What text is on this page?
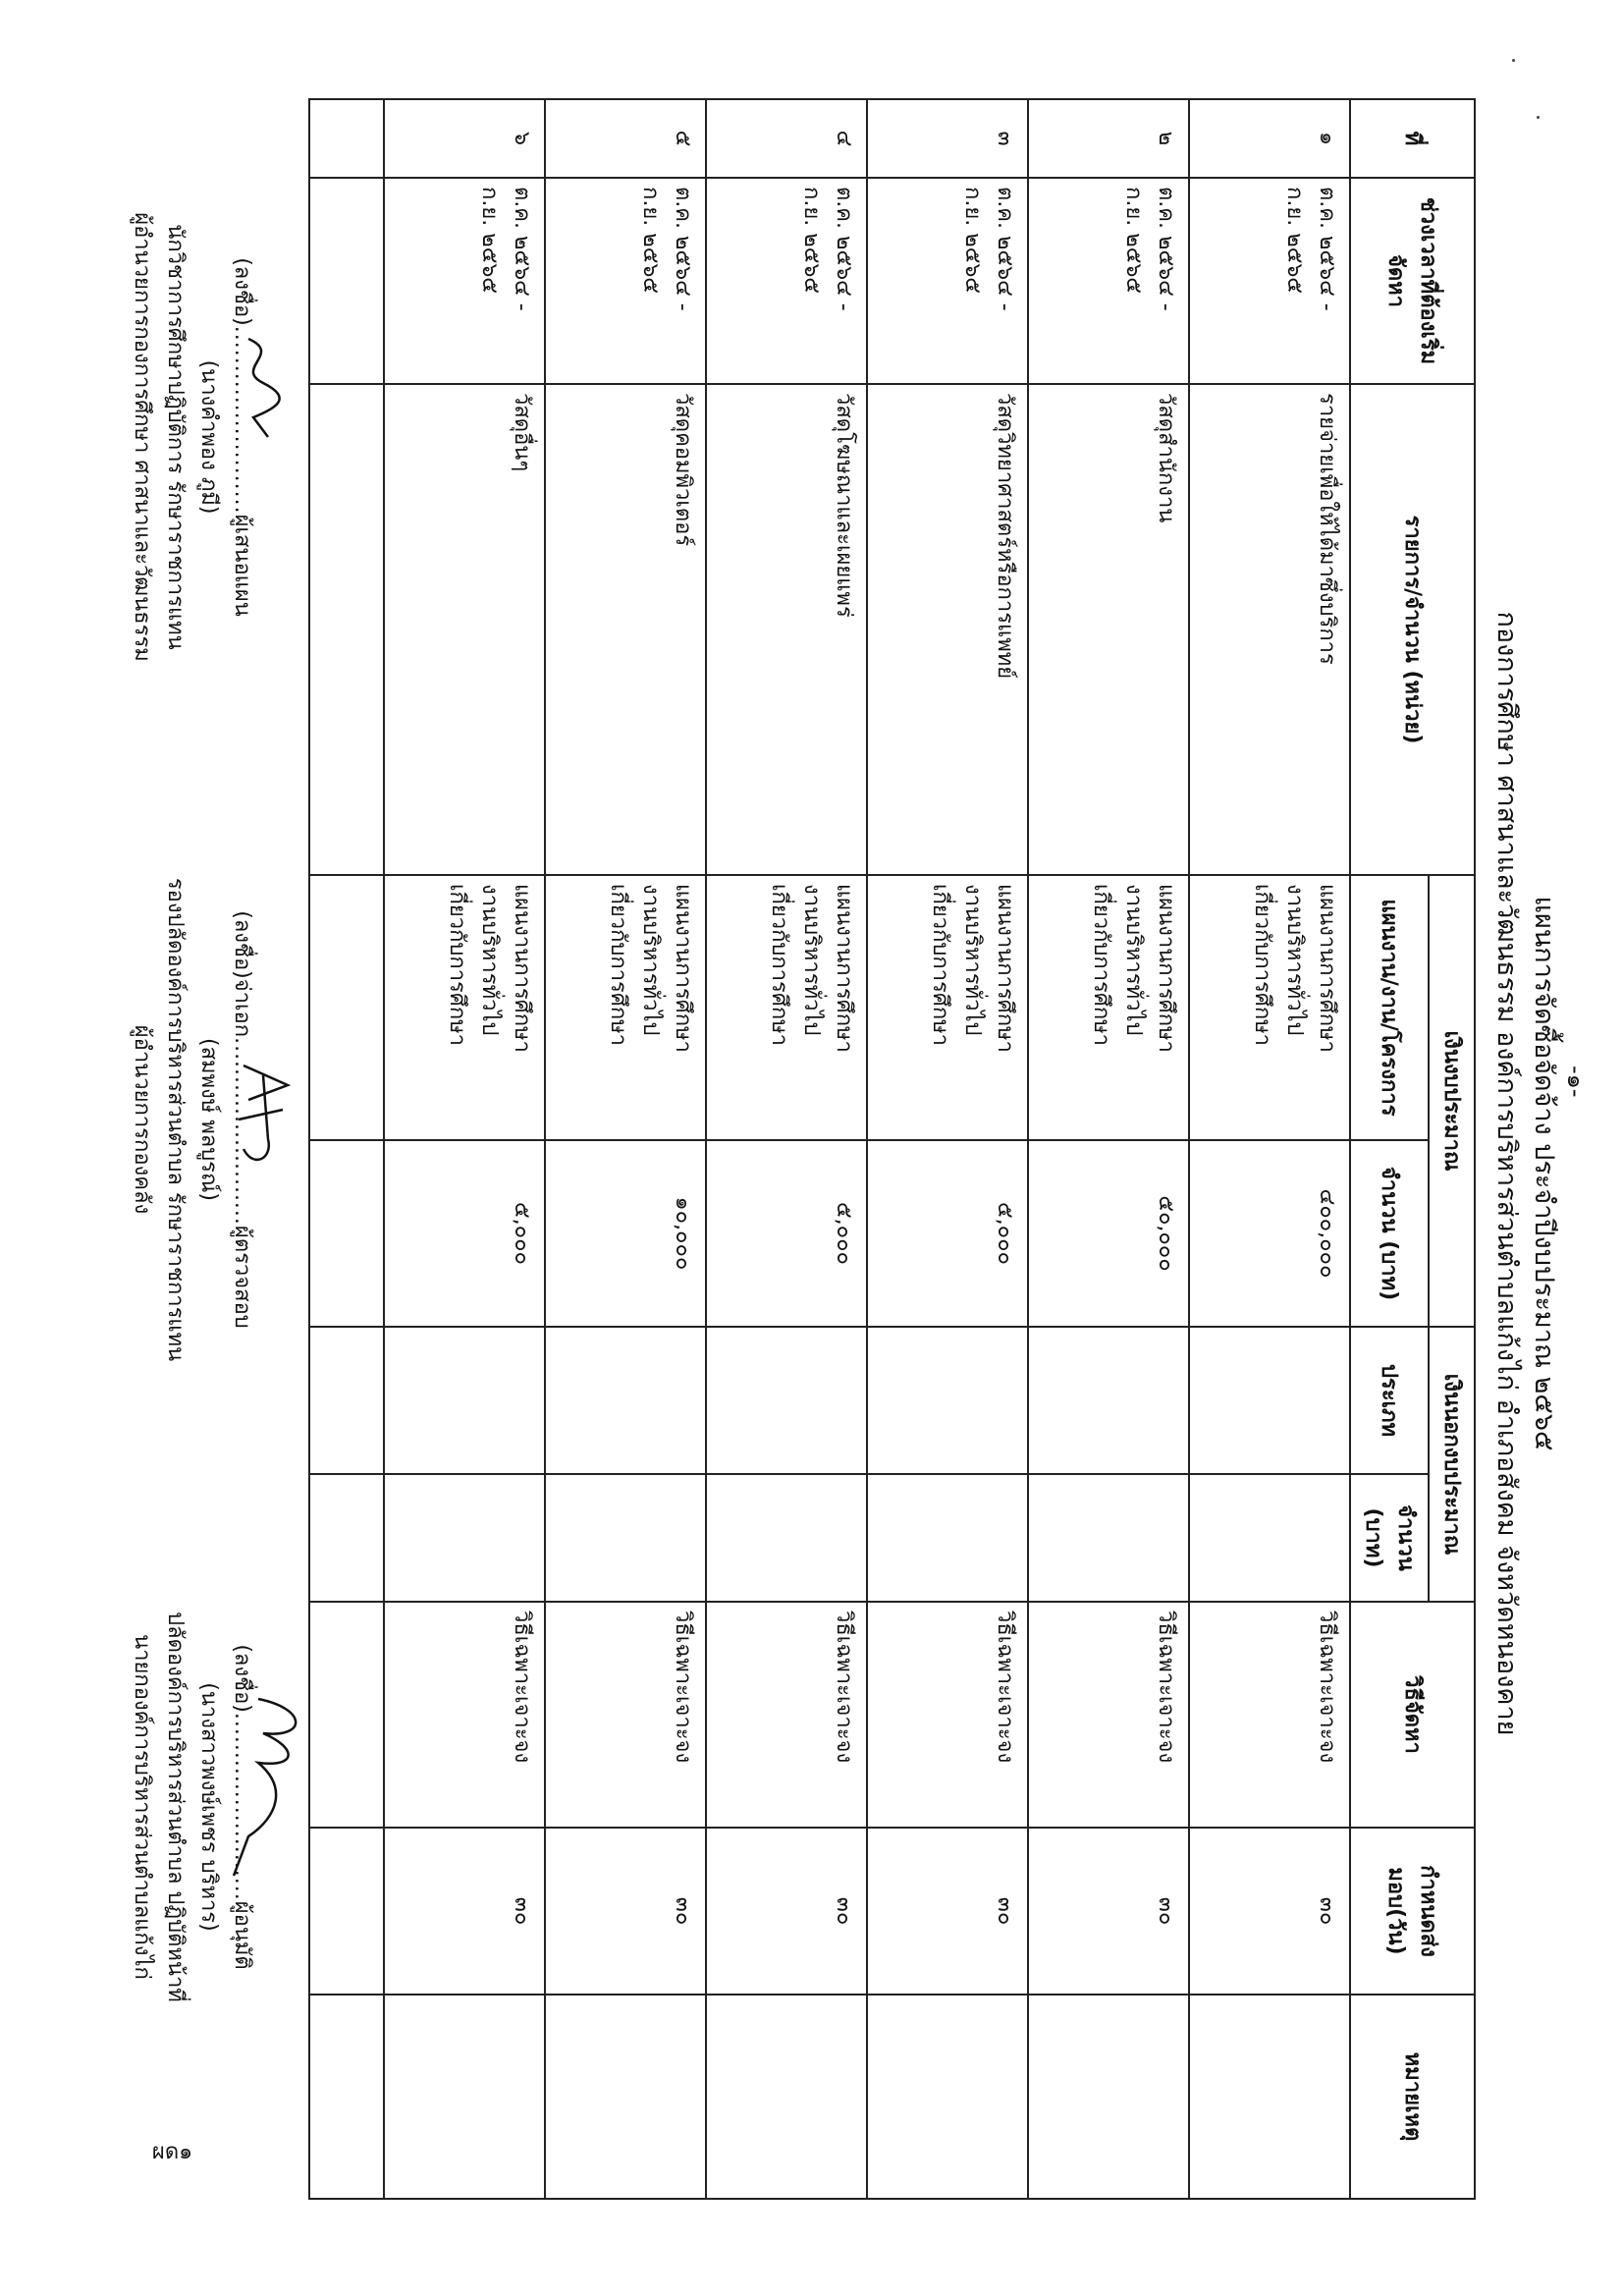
-๑-
แผนการจัดซื้อจัดจ้าง ประจำปีงบประมาณ ๒๕๖๕
กองการศึกษา ศาสนาและวัฒนธรรม องค์การบริหารส่วนตำบลแก้งไก่ อำเภอสังคม จังหวัดหนองคาย
ที่	ช่วงเวลาที่ต้องเริ่มจัดหา	รายการ/จำนวน (หน่วย)	เงินงบประมาณ		เงินนอกงบประมาณ		วิธีจัดหา	กำหนดส่งมอบ(วัน)	หมายเหตุ
			แผนงาน/งาน/โครงการ	จำนวน (บาท)	ประเภท	จำนวน (บาท)			
๑	ต.ค. ๒๕๖๔ -
ก.ย. ๒๕๖๕	รายจ่ายเพื่อให้ได้มาซึ่งบริการ	แผนงานการศึกษา
งานบริหารทั่วไป
เกี่ยวกับการศึกษา	๔๐๐,๐๐๐			วิธีเฉพาะเจาะจง	๓๐	
๒	ต.ค. ๒๕๖๔ -
ก.ย. ๒๕๖๕	วัสดุสำนักงาน	แผนงานการศึกษา
งานบริหารทั่วไป
เกี่ยวกับการศึกษา	๕๐,๐๐๐			วิธีเฉพาะเจาะจง	๓๐	
๓	ต.ค. ๒๕๖๔ -
ก.ย. ๒๕๖๕	วัสดุวิทยาศาสตร์หรือการแพทย์	แผนงานการศึกษา
งานบริหารทั่วไป
เกี่ยวกับการศึกษา	๕,๐๐๐			วิธีเฉพาะเจาะจง	๓๐	
๔	ต.ค. ๒๕๖๔ -
ก.ย. ๒๕๖๕	วัสดุโฆษณาและเผยแพร่	แผนงานการศึกษา
งานบริหารทั่วไป
เกี่ยวกับการศึกษา	๕,๐๐๐			วิธีเฉพาะเจาะจง	๓๐	
๕	ต.ค. ๒๕๖๔ -
ก.ย. ๒๕๖๕	วัสดุคอมพิวเตอร์	แผนงานการศึกษา
งานบริหารทั่วไป
เกี่ยวกับการศึกษา	๑๐,๐๐๐			วิธีเฉพาะเจาะจง	๓๐	
๖	ต.ค. ๒๕๖๔ -
ก.ย. ๒๕๖๕	วัสดุอื่นๆ	แผนงานการศึกษา
งานบริหารทั่วไป
เกี่ยวกับการศึกษา	๕,๐๐๐			วิธีเฉพาะเจาะจง	๓๐	

(ลงชื่อ)........................ผู้เสนอแผน
(นางคำพอง ภูมี)
นักวิชาการศึกษาปฏิบัติการ รักษาราชการแทน
ผู้อำนวยการกองการศึกษา ศาสนาและวัฒนธรรม
(ลงชื่อ)จ่าเอก........................ผู้ตรวจสอบ
(สมพงษ์ พลบูรณ์)
รองปลัดองค์การบริหารส่วนตำบล รักษาราชการแทน
ผู้อำนวยการกองคลัง
(ลงชื่อ)........................ผู้อนุมัติ
(นางสาวพงษ์เพชร บริหาร)
ปลัดองค์การบริหารส่วนตำบล ปฏิบัติหน้าที่
นายกองค์การบริหารส่วนตำบลแก้งไก่
ผด๑
